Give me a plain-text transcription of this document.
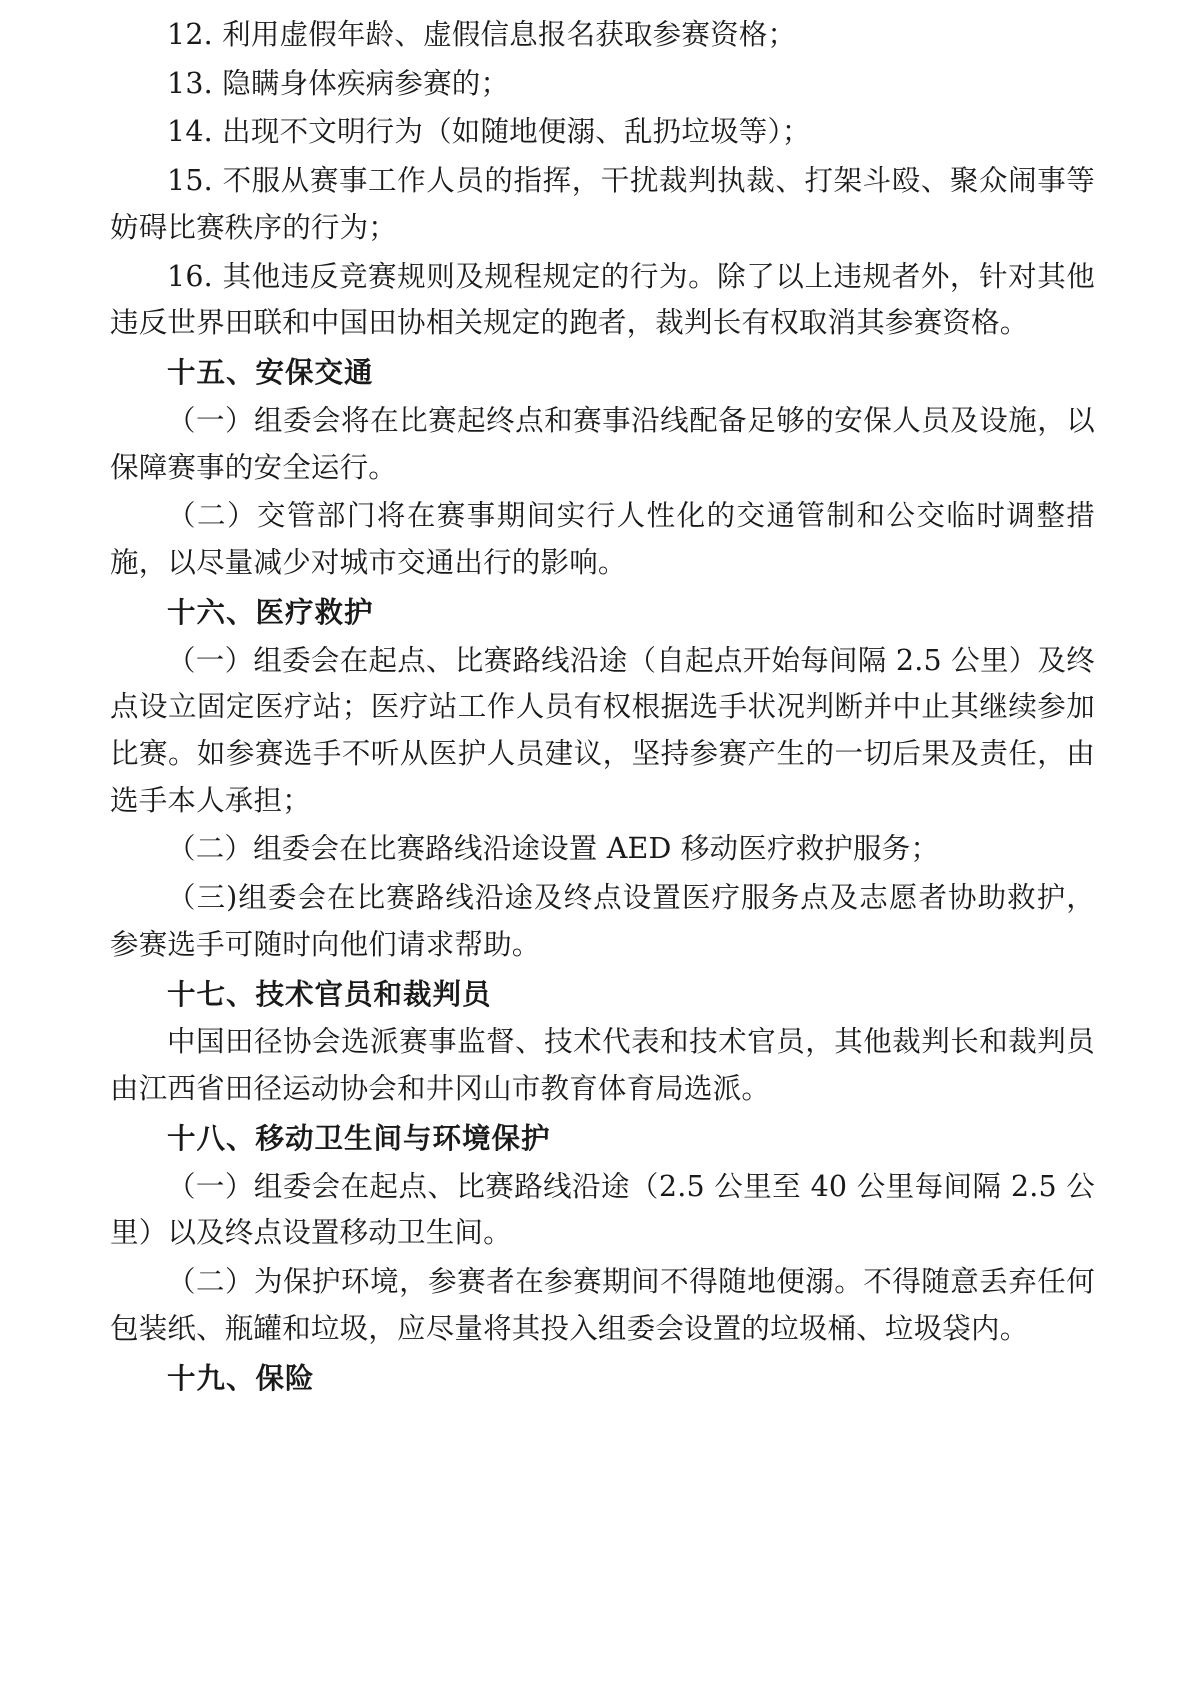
12. 利用虚假年龄、虚假信息报名获取参赛资格；

13. 隐瞒身体疾病参赛的；

14. 出现不文明行为（如随地便溺、乱扔垃圾等）；

15. 不服从赛事工作人员的指挥，干扰裁判执裁、打架斗殴、聚众闹事等妨碍比赛秩序的行为；

16. 其他违反竞赛规则及规程规定的行为。除了以上违规者外，针对其他违反世界田联和中国田协相关规定的跑者，裁判长有权取消其参赛资格。

十五、安保交通

（一）组委会将在比赛起终点和赛事沿线配备足够的安保人员及设施，以保障赛事的安全运行。

（二）交管部门将在赛事期间实行人性化的交通管制和公交临时调整措施，以尽量减少对城市交通出行的影响。

十六、医疗救护

（一）组委会在起点、比赛路线沿途（自起点开始每间隔 2.5 公里）及终点设立固定医疗站；医疗站工作人员有权根据选手状况判断并中止其继续参加比赛。如参赛选手不听从医护人员建议，坚持参赛产生的一切后果及责任，由选手本人承担；

（二）组委会在比赛路线沿途设置 AED 移动医疗救护服务；

（三)组委会在比赛路线沿途及终点设置医疗服务点及志愿者协助救护，参赛选手可随时向他们请求帮助。

十七、技术官员和裁判员

中国田径协会选派赛事监督、技术代表和技术官员，其他裁判长和裁判员由江西省田径运动协会和井冈山市教育体育局选派。

十八、移动卫生间与环境保护

（一）组委会在起点、比赛路线沿途（2.5 公里至 40 公里每间隔 2.5 公里）以及终点设置移动卫生间。

（二）为保护环境，参赛者在参赛期间不得随地便溺。不得随意丢弃任何包装纸、瓶罐和垃圾，应尽量将其投入组委会设置的垃圾桶、垃圾袋内。

十九、保险
